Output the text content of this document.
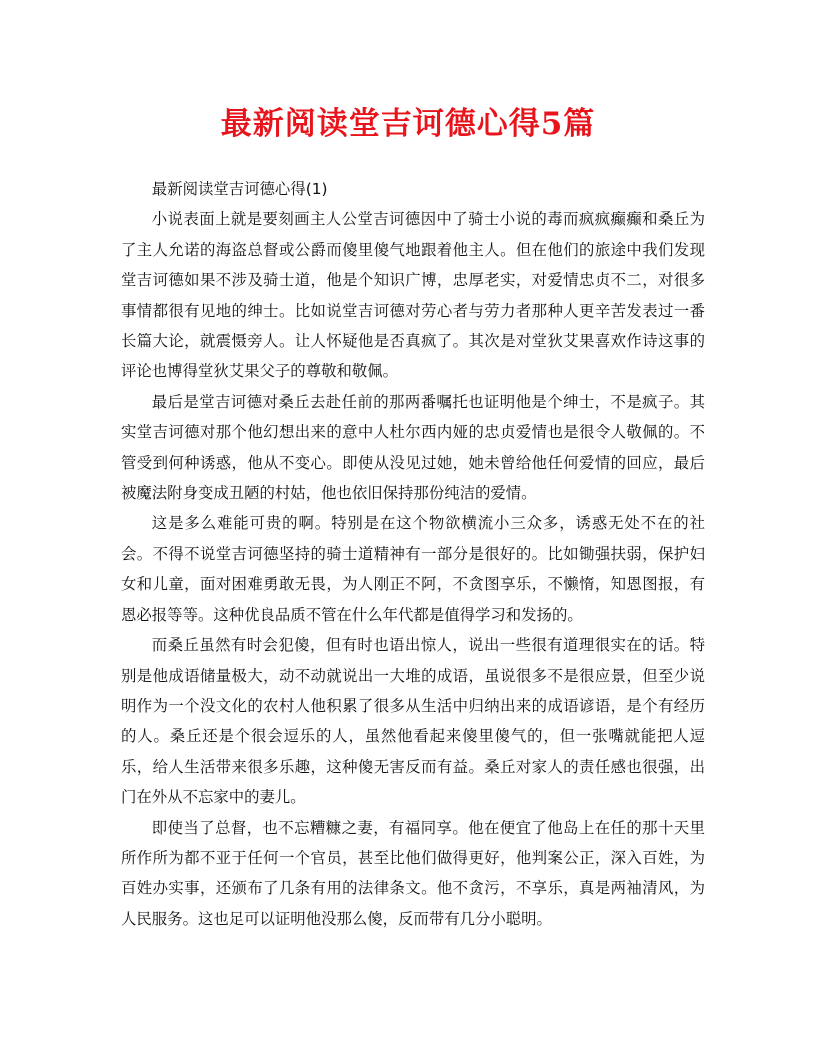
最新阅读堂吉诃德心得5篇

最新阅读堂吉诃德心得(1)

小说表面上就是要刻画主人公堂吉诃德因中了骑士小说的毒而疯疯癫癫和桑丘为了主人允诺的海盗总督或公爵而傻里傻气地跟着他主人。但在他们的旅途中我们发现堂吉诃德如果不涉及骑士道，他是个知识广博，忠厚老实，对爱情忠贞不二，对很多事情都很有见地的绅士。比如说堂吉诃德对劳心者与劳力者那种人更辛苦发表过一番长篇大论，就震慑旁人。让人怀疑他是否真疯了。其次是对堂狄艾果喜欢作诗这事的评论也博得堂狄艾果父子的尊敬和敬佩。

最后是堂吉诃德对桑丘去赴任前的那两番嘱托也证明他是个绅士，不是疯子。其实堂吉诃德对那个他幻想出来的意中人杜尔西内娅的忠贞爱情也是很令人敬佩的。不管受到何种诱惑，他从不变心。即使从没见过她，她未曾给他任何爱情的回应，最后被魔法附身变成丑陋的村姑，他也依旧保持那份纯洁的爱情。

这是多么难能可贵的啊。特别是在这个物欲横流小三众多，诱惑无处不在的社会。不得不说堂吉诃德坚持的骑士道精神有一部分是很好的。比如锄强扶弱，保护妇女和儿童，面对困难勇敢无畏，为人刚正不阿，不贪图享乐，不懒惰，知恩图报，有恩必报等等。这种优良品质不管在什么年代都是值得学习和发扬的。

而桑丘虽然有时会犯傻，但有时也语出惊人，说出一些很有道理很实在的话。特别是他成语储量极大，动不动就说出一大堆的成语，虽说很多不是很应景，但至少说明作为一个没文化的农村人他积累了很多从生活中归纳出来的成语谚语，是个有经历的人。桑丘还是个很会逗乐的人，虽然他看起来傻里傻气的，但一张嘴就能把人逗乐，给人生活带来很多乐趣，这种傻无害反而有益。桑丘对家人的责任感也很强，出门在外从不忘家中的妻儿。

即使当了总督，也不忘糟糠之妻，有福同享。他在便宜了他岛上在任的那十天里所作所为都不亚于任何一个官员，甚至比他们做得更好，他判案公正，深入百姓，为百姓办实事，还颁布了几条有用的法律条文。他不贪污，不享乐，真是两袖清风，为人民服务。这也足可以证明他没那么傻，反而带有几分小聪明。
